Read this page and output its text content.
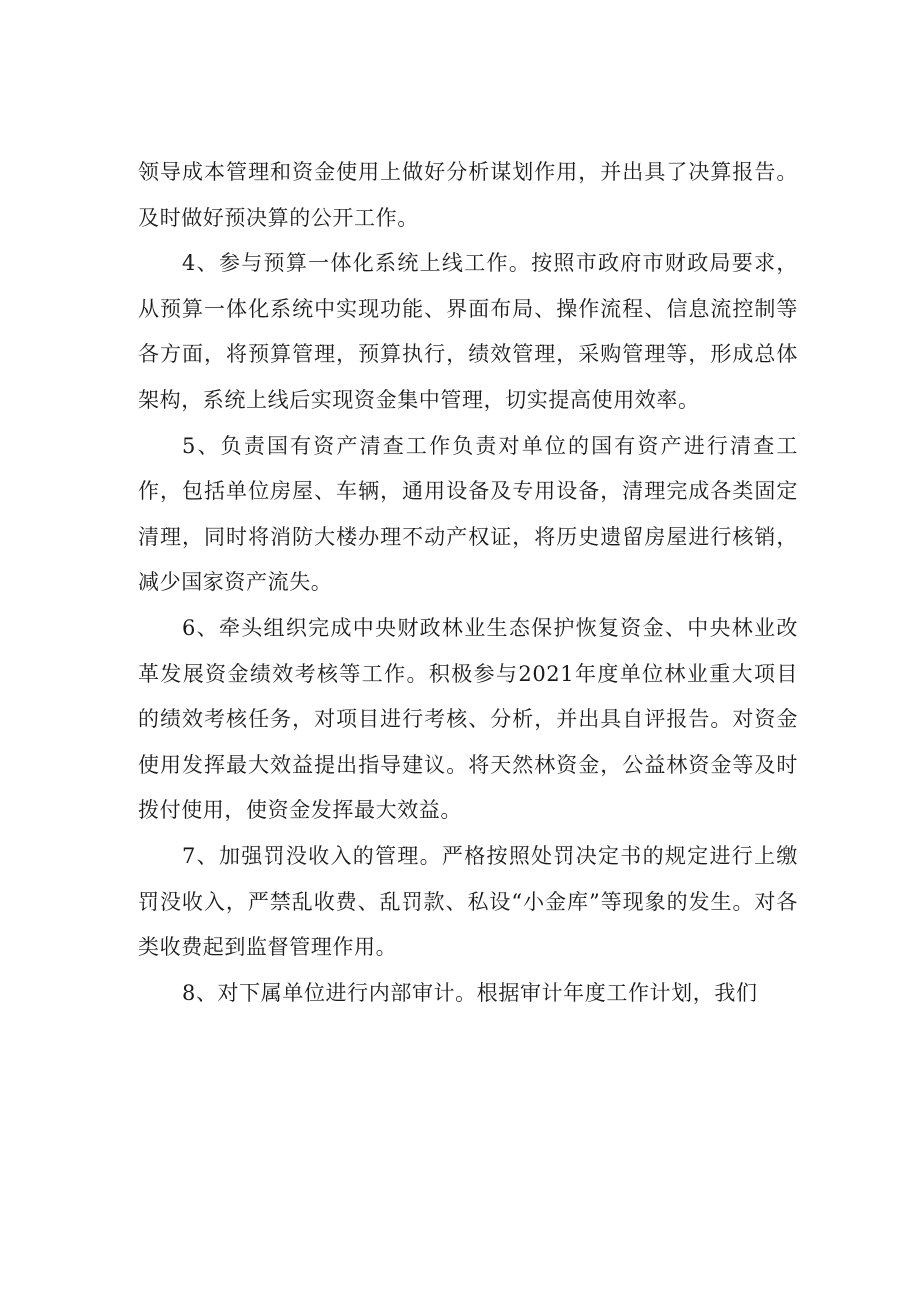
领导成本管理和资金使用上做好分析谋划作用，并出具了决算报告。及时做好预决算的公开工作。

4、参与预算一体化系统上线工作。按照市政府市财政局要求，从预算一体化系统中实现功能、界面布局、操作流程、信息流控制等各方面，将预算管理，预算执行，绩效管理，采购管理等，形成总体架构，系统上线后实现资金集中管理，切实提高使用效率。

5、负责国有资产清查工作负责对单位的国有资产进行清查工作，包括单位房屋、车辆，通用设备及专用设备，清理完成各类固定清理，同时将消防大楼办理不动产权证，将历史遗留房屋进行核销，减少国家资产流失。

6、牵头组织完成中央财政林业生态保护恢复资金、中央林业改革发展资金绩效考核等工作。积极参与2021年度单位林业重大项目的绩效考核任务，对项目进行考核、分析，并出具自评报告。对资金使用发挥最大效益提出指导建议。将天然林资金，公益林资金等及时拨付使用，使资金发挥最大效益。

7、加强罚没收入的管理。严格按照处罚决定书的规定进行上缴罚没收入，严禁乱收费、乱罚款、私设“小金库”等现象的发生。对各类收费起到监督管理作用。

8、对下属单位进行内部审计。根据审计年度工作计划，我们
